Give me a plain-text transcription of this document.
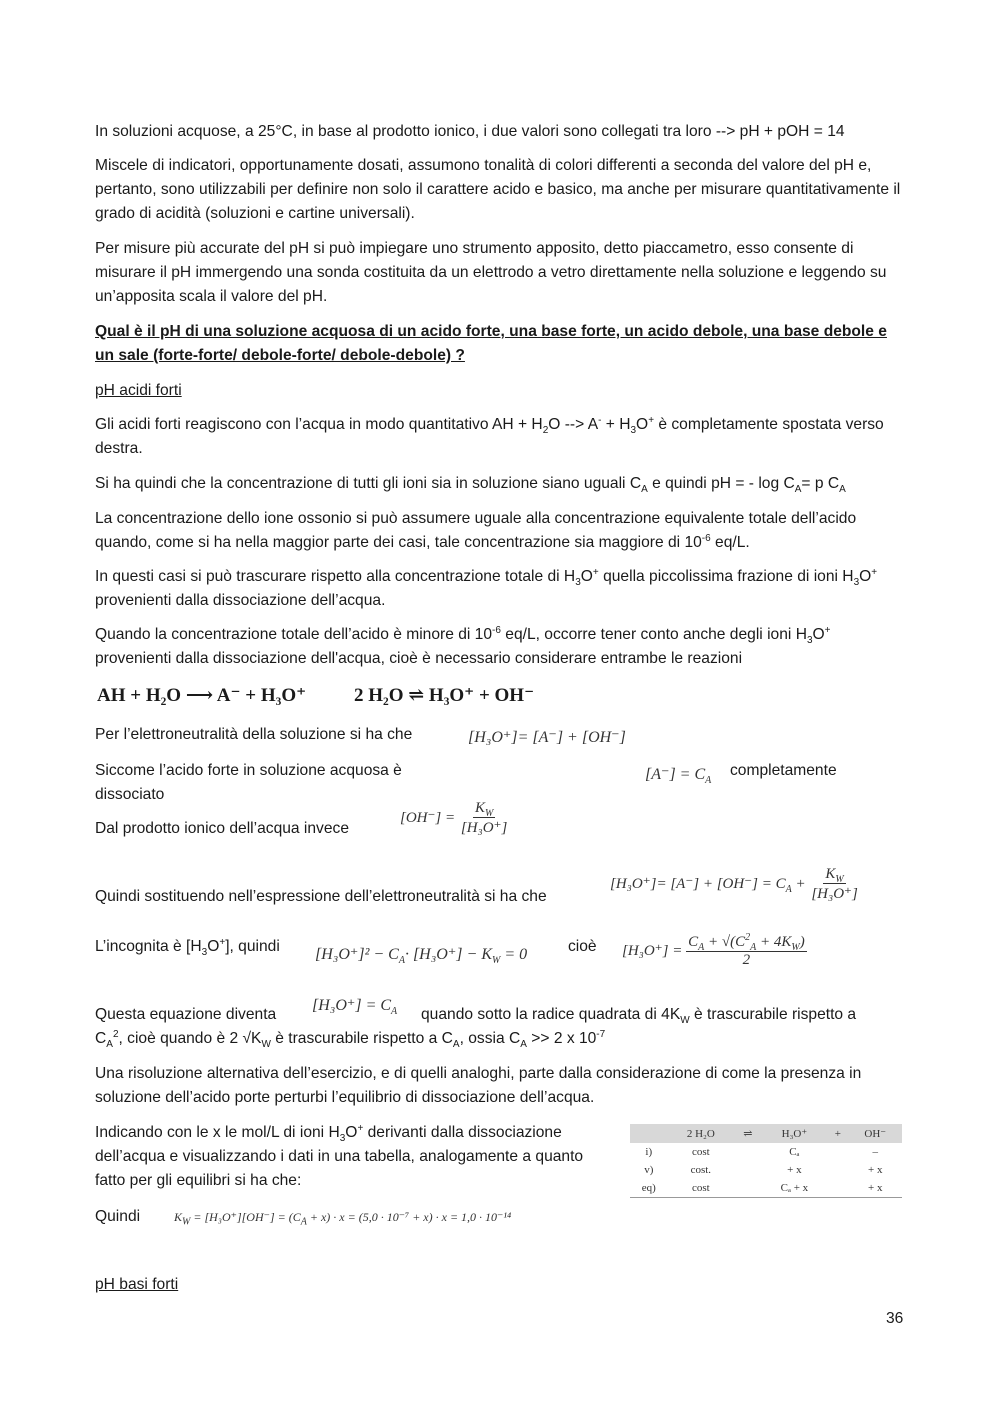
In soluzioni acquose, a 25°C, in base al prodotto ionico, i due valori sono collegati tra loro --> pH + pOH = 14
Miscele di indicatori, opportunamente dosati, assumono tonalità di colori differenti a seconda del valore del pH e, pertanto, sono utilizzabili per definire non solo il carattere acido e basico, ma anche per misurare quantitativamente il grado di acidità (soluzioni e cartine universali).
Per misure più accurate del pH si può impiegare uno strumento apposito, detto piaccametro, esso consente di misurare il pH immergendo una sonda costituita da un elettrodo a vetro direttamente nella soluzione e leggendo su un’apposita scala il valore del pH.
Qual è il pH di una soluzione acquosa di un acido forte, una base forte, un acido debole, una base debole e un sale (forte-forte/ debole-forte/ debole-debole) ?
pH acidi forti
Gli acidi forti reagiscono con l’acqua in modo quantitativo AH + $H_2O$ --> $A^- + H_3O^+$ è completamente spostata verso destra.
Si ha quindi che la concentrazione di tutti gli ioni sia in soluzione siano uguali $C_A$ e quindi pH = - $\log C_A= p$ $C_A$
La concentrazione dello ione ossonio si può assumere uguale alla concentrazione equivalente totale dell’acido quando, come si ha nella maggior parte dei casi, tale concentrazione sia maggiore di $10^{-6}$ eq/L.
In questi casi si può trascurare rispetto alla concentrazione totale di $H_3O^+$ quella piccolissima frazione di ioni $H_3O^+$ provenienti dalla dissociazione dell’acqua.
Quando la concentrazione totale dell’acido è minore di $10^{-6}$ eq/L, occorre tener conto anche degli ioni $H_3O^+$ provenienti dalla dissociazione dell'acqua, cioè è necessario considerare entrambe le reazioni
AH + H₂O ⟶ A⁻ + H₃O⁺	2 H₂O ⇌ H₃O⁺ + OH⁻
Per l’elettroneutralità della soluzione si ha che	[H₃O⁺]= [A⁻] + [OH⁻]
Siccome l’acido forte in soluzione acquosa è dissociato
$[A^-] = C_A$
completamente
Dal prodotto ionico dell’acqua invece
$[OH^-] = \frac{K_W}{\text{[H₃O⁺]}}$
Quindi sostituendo nell’espressione dell’elettroneutralità si ha che
$[H_3O^+]= [A^-] + [OH^-] = C_A + \frac{K_W}{\text{[H₃O⁺]}}$
L’incognita è $[H_3O^+]$, quindi $[H_3O^+]^2 - C_A\cdot [H_3O^+] - K_W = 0$	cioè $[H_3O^+] = \frac{C_A + √(C^2_A + 4K_W)}{2}$
Questa equazione diventa
$[H_3O^+] = C_A$ quando sotto la radice quadrata di $4K_W$ è trascurabile rispetto a
$C_A^2$, cioè quando è 2 $√K_W$ è trascurabile rispetto a $C_A$, ossia $C_A >> 2$ x $10^{-7}$
Una risoluzione alternativa dell’esercizio, e di quelli analoghi, parte dalla considerazione di come la presenza in soluzione dell’acido porte perturbi l’equilibrio di dissociazione dell’acqua.
Indicando con le x le mol/L di ioni $H_3O^+$ derivanti dalla dissociazione dell’acqua e visualizzando i dati in una tabella, analogamente a quanto fatto per gli equilibri si ha che:
	2 H₂O	⇌	H₃O⁺	+	OH⁻
i)	cost		Cₐ		–
v)	cost.		+ x		+ x
eq)	cost		Cₐ + x		+ x
Quindi	$K_W = [H_3O^+][OH^-] = (C_A + x) \cdot x = (5,0 \cdot 10^{-7} + x) \cdot x = 1,0 \cdot 10^{-14}$
pH basi forti
36
